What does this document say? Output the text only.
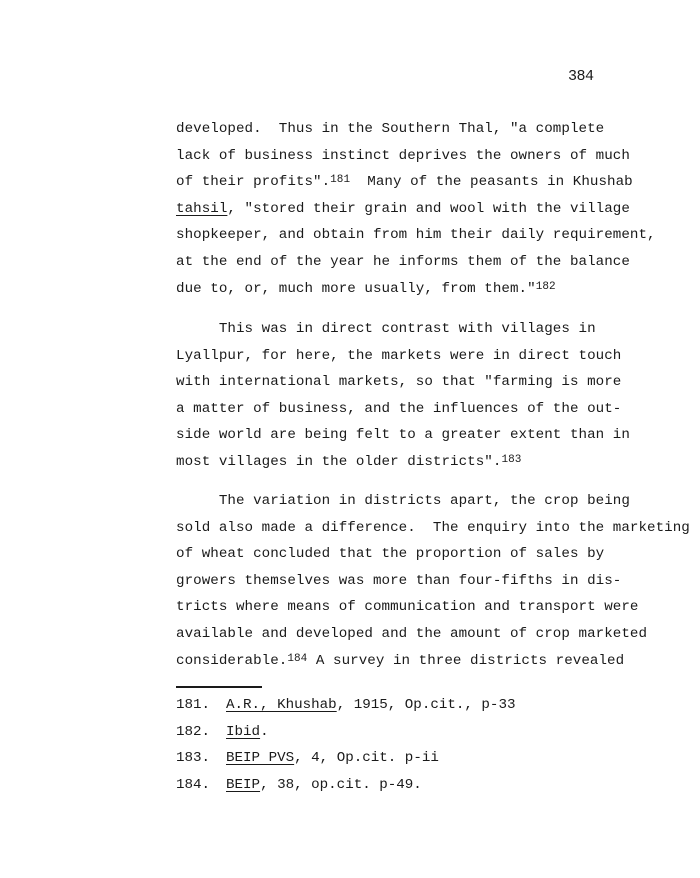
384
developed.  Thus in the Southern Thal, "a complete
lack of business instinct deprives the owners of much
of their profits".$^{181}$  Many of the peasants in Khushab
tahsil, "stored their grain and wool with the village
shopkeeper, and obtain from him their daily requirement,
at the end of the year he informs them of the balance
due to, or, much more usually, from them."$^{182}$
This was in direct contrast with villages in
Lyallpur, for here, the markets were in direct touch
with international markets, so that "farming is more
a matter of business, and the influences of the out-
side world are being felt to a greater extent than in
most villages in the older districts".$^{183}$
The variation in districts apart, the crop being
sold also made a difference.  The enquiry into the marketing
of wheat concluded that the proportion of sales by
growers themselves was more than four-fifths in dis-
tricts where means of communication and transport were
available and developed and the amount of crop marketed
considerable.$^{184}$ A survey in three districts revealed
181. A.R., Khushab, 1915, Op.cit., p-33
182. Ibid.
183. BEIP PVS, 4, Op.cit. p-ii
184. BEIP, 38, op.cit. p-49.
